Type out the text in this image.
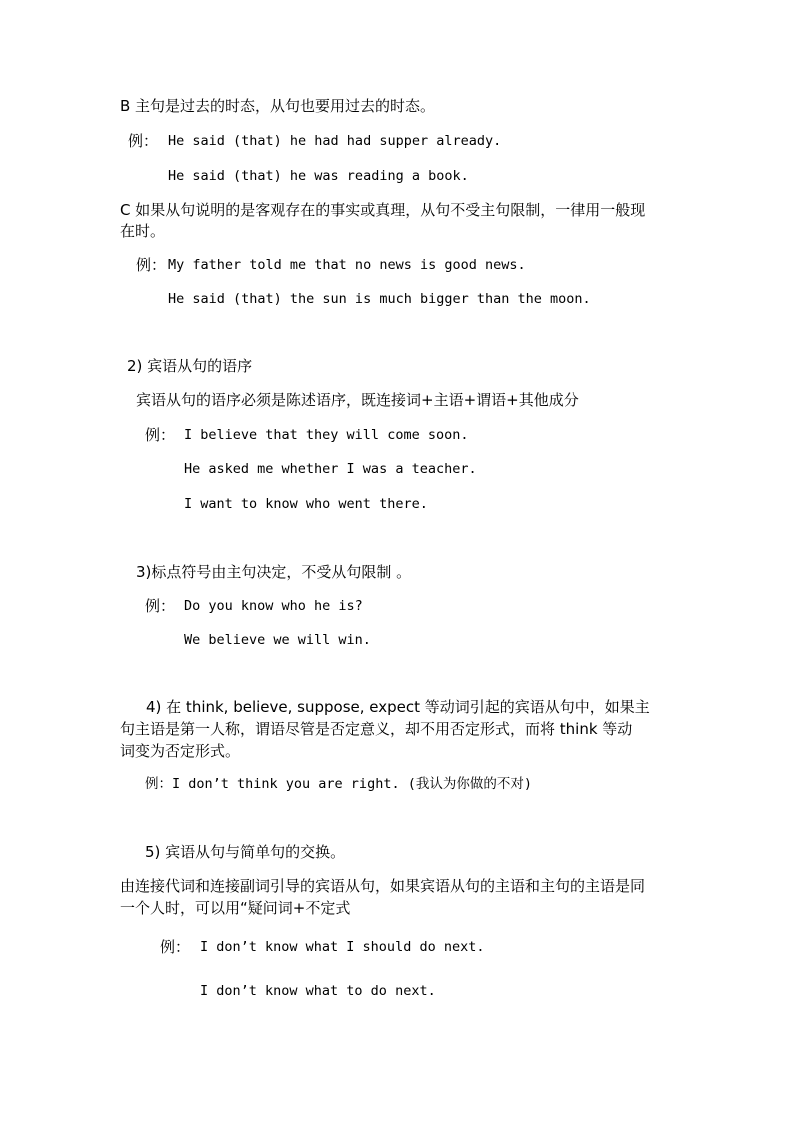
B 主句是过去的时态，从句也要用过去的时态。
例： He said (that) he had had supper already.
He said (that) he was reading a book.
C 如果从句说明的是客观存在的事实或真理，从句不受主句限制，一律用一般现
在时。
例： My father told me that no news is good news.
He said (that) the sun is much bigger than the moon.
2) 宾语从句的语序
宾语从句的语序必须是陈述语序，既连接词+主语+谓语+其他成分
例： I believe that they will come soon.
He asked me whether I was a teacher.
I want to know who went there.
3)标点符号由主句决定，不受从句限制 。
例： Do you know who he is?
We believe we will win.
4) 在 think, believe, suppose, expect 等动词引起的宾语从句中，如果主
句主语是第一人称，谓语尽管是否定意义，却不用否定形式，而将 think 等动
词变为否定形式。
例：I don’t think you are right. (我认为你做的不对)
5) 宾语从句与简单句的交换。
由连接代词和连接副词引导的宾语从句，如果宾语从句的主语和主句的主语是同
一个人时，可以用“疑问词+不定式
例： I don’t know what I should do next.
I don’t know what to do next.
